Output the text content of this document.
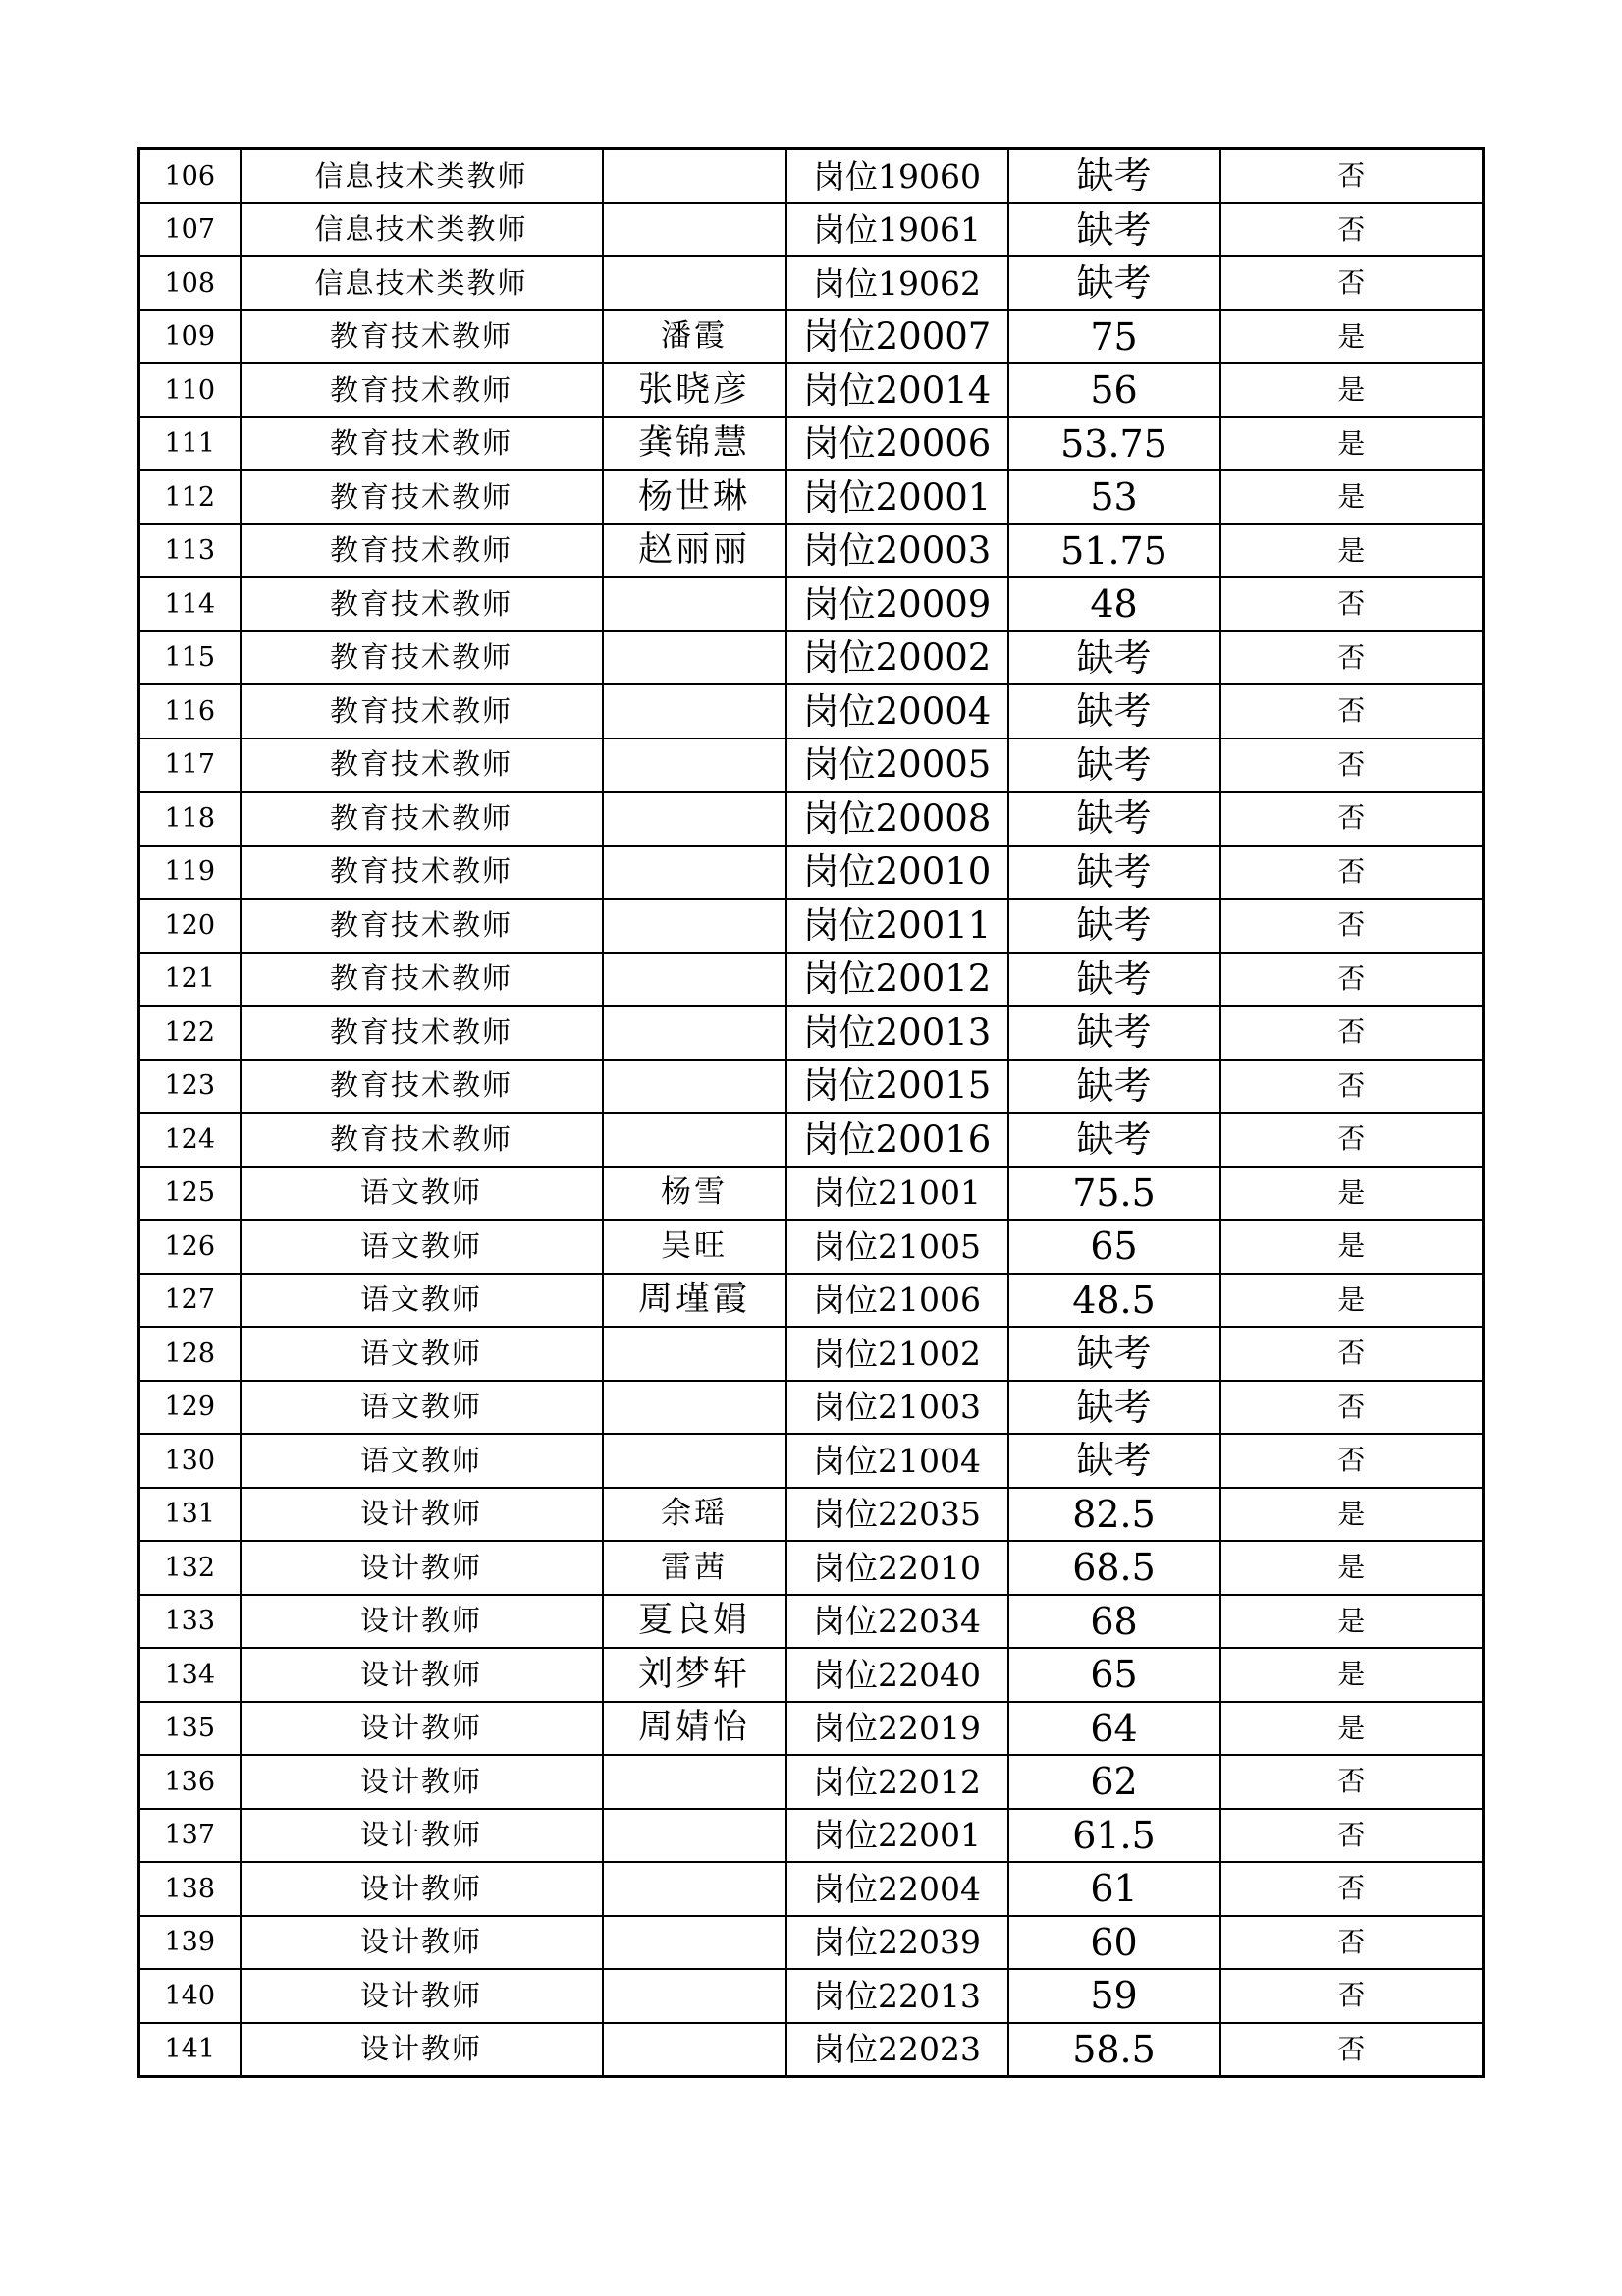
106	信息技术类教师		岗位19060	缺考	否
107	信息技术类教师		岗位19061	缺考	否
108	信息技术类教师		岗位19062	缺考	否
109	教育技术教师	潘霞	岗位20007	75	是
110	教育技术教师	张晓彦	岗位20014	56	是
111	教育技术教师	龚锦慧	岗位20006	53.75	是
112	教育技术教师	杨世琳	岗位20001	53	是
113	教育技术教师	赵丽丽	岗位20003	51.75	是
114	教育技术教师		岗位20009	48	否
115	教育技术教师		岗位20002	缺考	否
116	教育技术教师		岗位20004	缺考	否
117	教育技术教师		岗位20005	缺考	否
118	教育技术教师		岗位20008	缺考	否
119	教育技术教师		岗位20010	缺考	否
120	教育技术教师		岗位20011	缺考	否
121	教育技术教师		岗位20012	缺考	否
122	教育技术教师		岗位20013	缺考	否
123	教育技术教师		岗位20015	缺考	否
124	教育技术教师		岗位20016	缺考	否
125	语文教师	杨雪	岗位21001	75.5	是
126	语文教师	吴旺	岗位21005	65	是
127	语文教师	周瑾霞	岗位21006	48.5	是
128	语文教师		岗位21002	缺考	否
129	语文教师		岗位21003	缺考	否
130	语文教师		岗位21004	缺考	否
131	设计教师	余瑶	岗位22035	82.5	是
132	设计教师	雷茜	岗位22010	68.5	是
133	设计教师	夏良娟	岗位22034	68	是
134	设计教师	刘梦轩	岗位22040	65	是
135	设计教师	周婧怡	岗位22019	64	是
136	设计教师		岗位22012	62	否
137	设计教师		岗位22001	61.5	否
138	设计教师		岗位22004	61	否
139	设计教师		岗位22039	60	否
140	设计教师		岗位22013	59	否
141	设计教师		岗位22023	58.5	否
